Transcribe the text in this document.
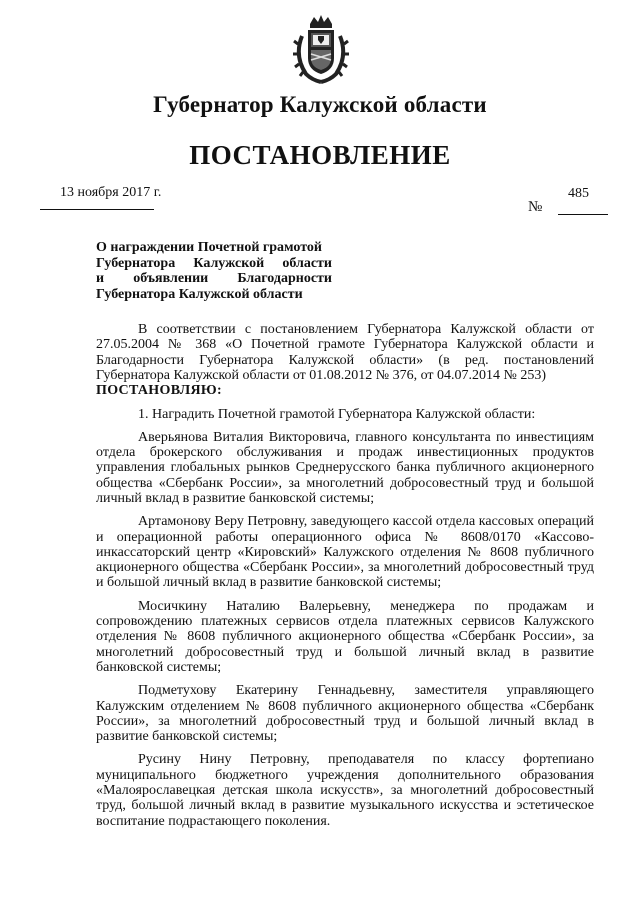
Губернатор Калужской области
ПОСТАНОВЛЕНИЕ
13 ноября 2017 г.	485
№
О награждении Почетной грамотой
Губернатора Калужской области
и объявлении Благодарности
Губернатора Калужской области

В соответствии с постановлением Губернатора Калужской области от 27.05.2004 № 368 «О Почетной грамоте Губернатора Калужской области и Благодарности Губернатора Калужской области» (в ред. постановлений Губернатора Калужской области от 01.08.2012 № 376, от 04.07.2014 № 253)

ПОСТАНОВЛЯЮ:

1. Наградить Почетной грамотой Губернатора Калужской области:

Аверьянова Виталия Викторовича, главного консультанта по инвестициям отдела брокерского обслуживания и продаж инвестиционных продуктов управления глобальных рынков Среднерусского банка публичного акционерного общества «Сбербанк России», за многолетний добросовестный труд и большой личный вклад в развитие банковской системы;

Артамонову Веру Петровну, заведующего кассой отдела кассовых операций и операционной работы операционного офиса № 8608/0170 «Кассово-инкассаторский центр «Кировский» Калужского отделения № 8608 публичного акционерного общества «Сбербанк России», за многолетний добросовестный труд и большой личный вклад в развитие банковской системы;

Мосичкину Наталию Валерьевну, менеджера по продажам и сопровождению платежных сервисов отдела платежных сервисов Калужского отделения № 8608 публичного акционерного общества «Сбербанк России», за многолетний добросовестный труд и большой личный вклад в развитие банковской системы;

Подметухову Екатерину Геннадьевну, заместителя управляющего Калужским отделением № 8608 публичного акционерного общества «Сбербанк России», за многолетний добросовестный труд и большой личный вклад в развитие банковской системы;

Русину Нину Петровну, преподавателя по классу фортепиано муниципального бюджетного учреждения дополнительного образования «Малоярославецкая детская школа искусств», за многолетний добросовестный труд, большой личный вклад в развитие музыкального искусства и эстетическое воспитание подрастающего поколения.
